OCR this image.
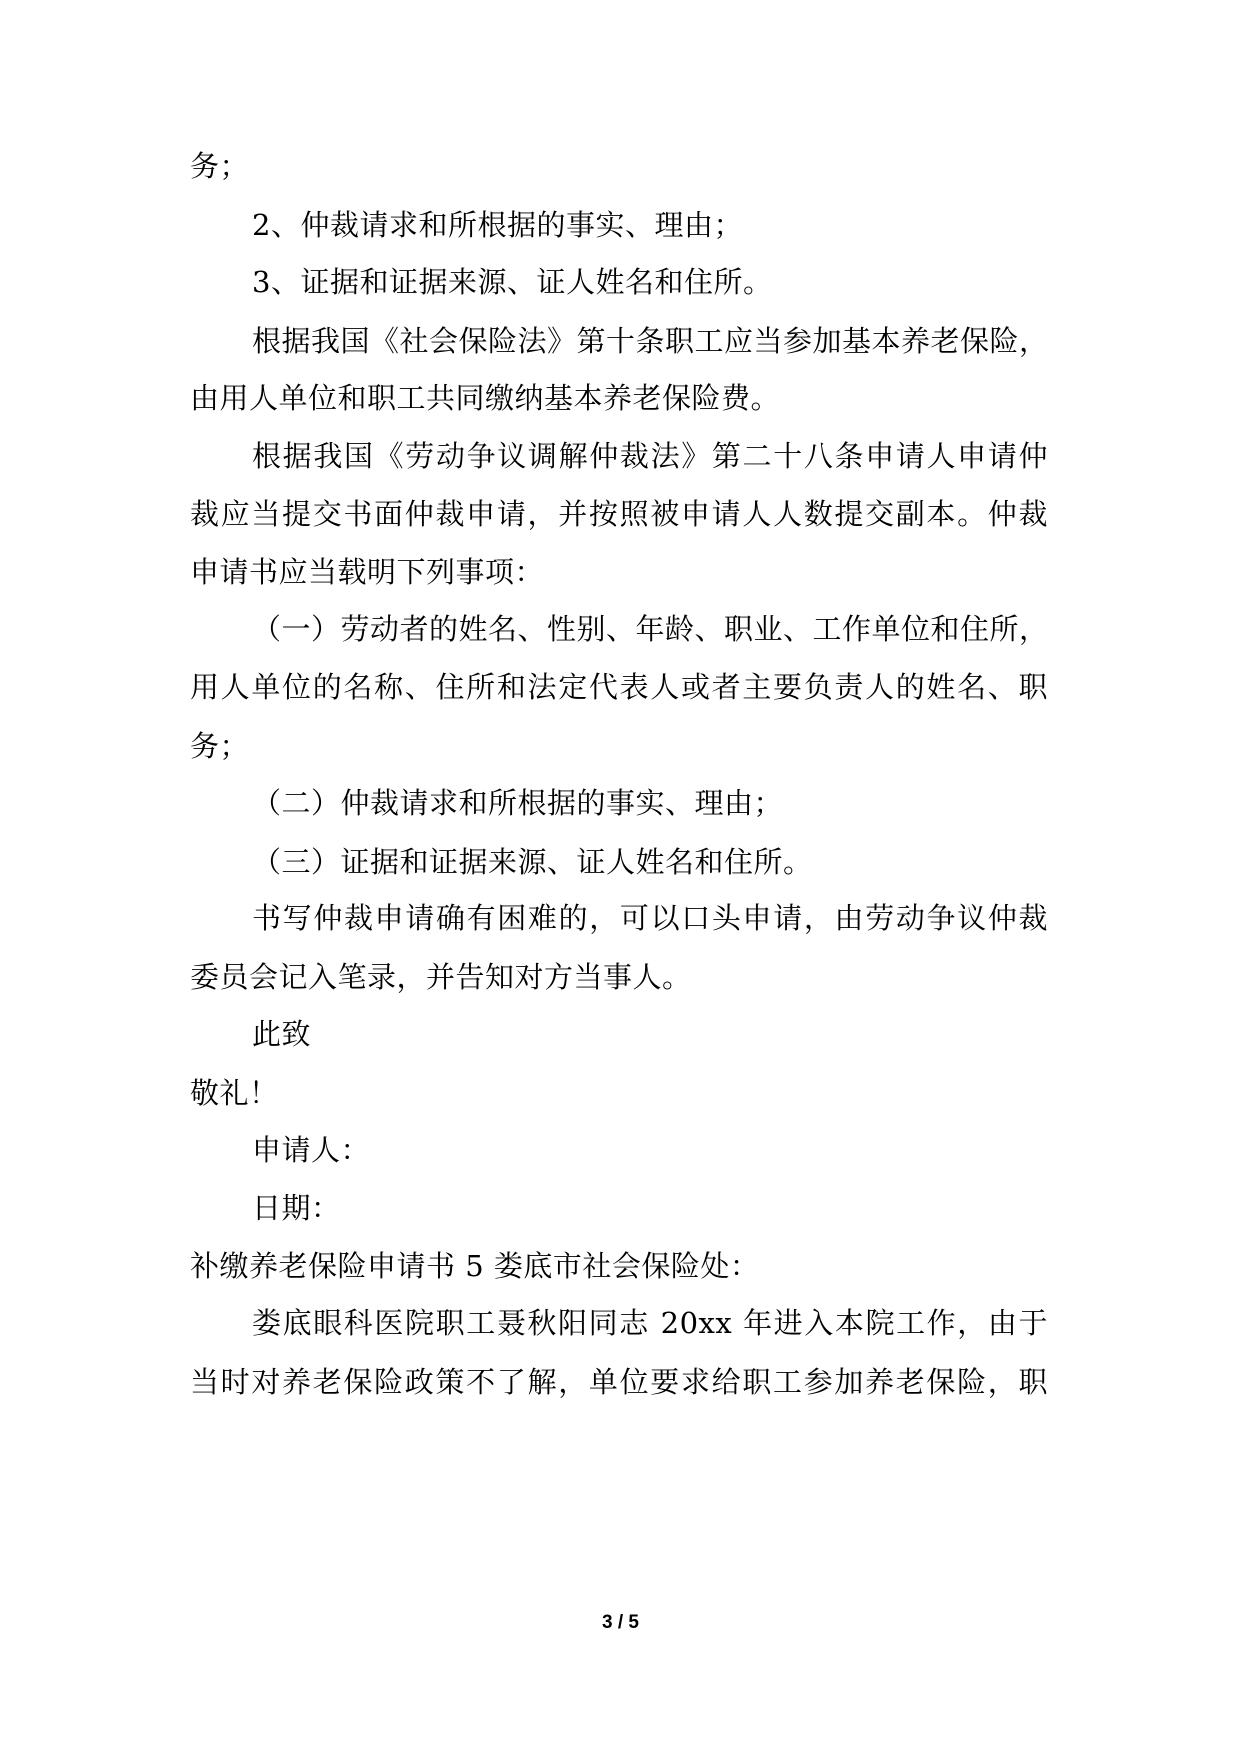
务；
2、仲裁请求和所根据的事实、理由；
3、证据和证据来源、证人姓名和住所。
根据我国《社会保险法》第十条职工应当参加基本养老保险，
由用人单位和职工共同缴纳基本养老保险费。
根据我国《劳动争议调解仲裁法》第二十八条申请人申请仲
裁应当提交书面仲裁申请，并按照被申请人人数提交副本。仲裁
申请书应当载明下列事项：
（一）劳动者的姓名、性别、年龄、职业、工作单位和住所，
用人单位的名称、住所和法定代表人或者主要负责人的姓名、职
务；
（二）仲裁请求和所根据的事实、理由；
（三）证据和证据来源、证人姓名和住所。
书写仲裁申请确有困难的，可以口头申请，由劳动争议仲裁
委员会记入笔录，并告知对方当事人。
此致
敬礼！
申请人：
日期：
补缴养老保险申请书 5 娄底市社会保险处：
娄底眼科医院职工聂秋阳同志 20xx 年进入本院工作，由于
当时对养老保险政策不了解，单位要求给职工参加养老保险，职
3 / 5
